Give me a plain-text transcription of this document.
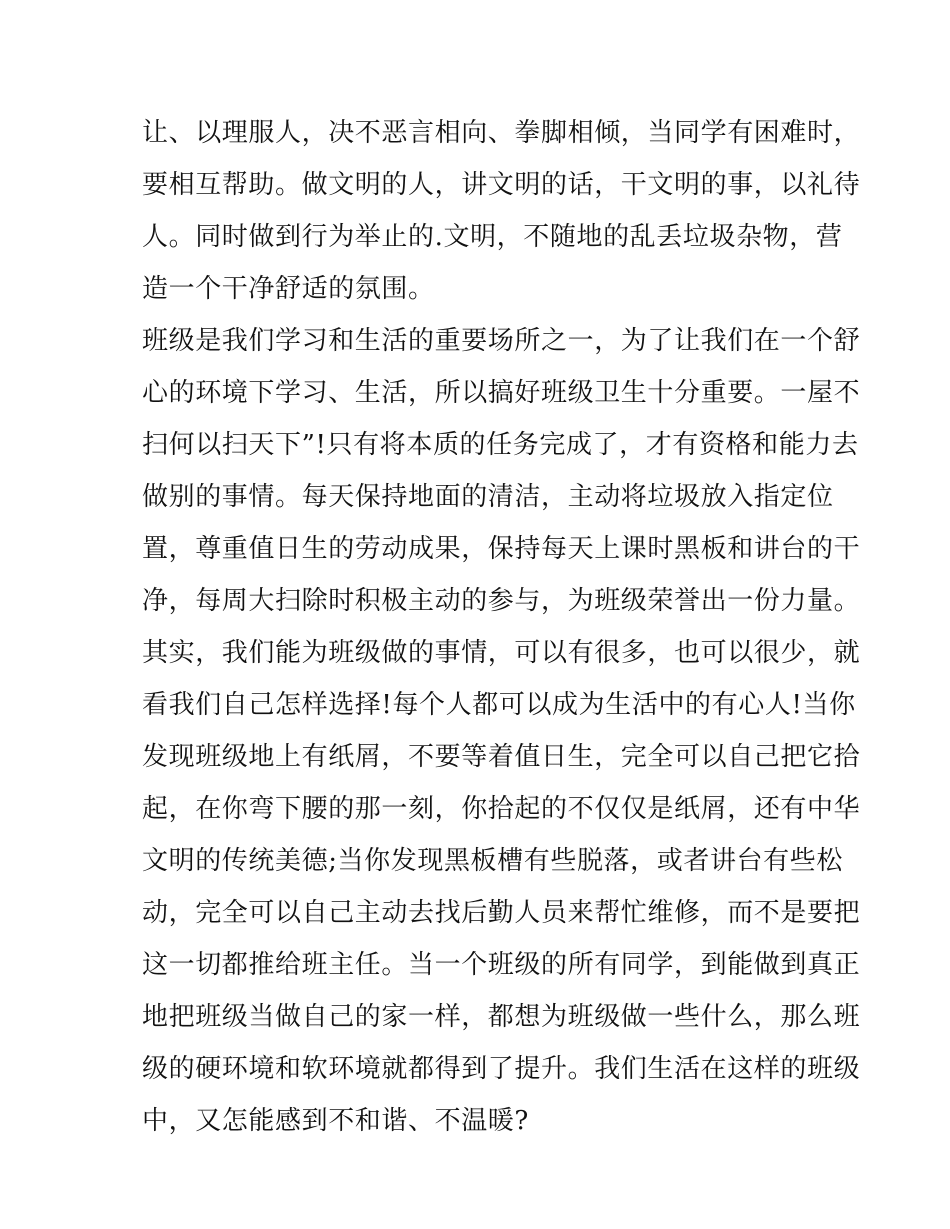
让、以理服人，决不恶言相向、拳脚相倾，当同学有困难时，
要相互帮助。做文明的人，讲文明的话，干文明的事，以礼待
人。同时做到行为举止的.文明，不随地的乱丢垃圾杂物，营
造一个干净舒适的氛围。
班级是我们学习和生活的重要场所之一，为了让我们在一个舒
心的环境下学习、生活，所以搞好班级卫生十分重要。一屋不
扫何以扫天下”!只有将本质的任务完成了，才有资格和能力去
做别的事情。每天保持地面的清洁，主动将垃圾放入指定位
置，尊重值日生的劳动成果，保持每天上课时黑板和讲台的干
净，每周大扫除时积极主动的参与，为班级荣誉出一份力量。
其实，我们能为班级做的事情，可以有很多，也可以很少，就
看我们自己怎样选择!每个人都可以成为生活中的有心人!当你
发现班级地上有纸屑，不要等着值日生，完全可以自己把它拾
起，在你弯下腰的那一刻，你拾起的不仅仅是纸屑，还有中华
文明的传统美德;当你发现黑板槽有些脱落，或者讲台有些松
动，完全可以自己主动去找后勤人员来帮忙维修，而不是要把
这一切都推给班主任。当一个班级的所有同学，到能做到真正
地把班级当做自己的家一样，都想为班级做一些什么，那么班
级的硬环境和软环境就都得到了提升。我们生活在这样的班级
中，又怎能感到不和谐、不温暖?
